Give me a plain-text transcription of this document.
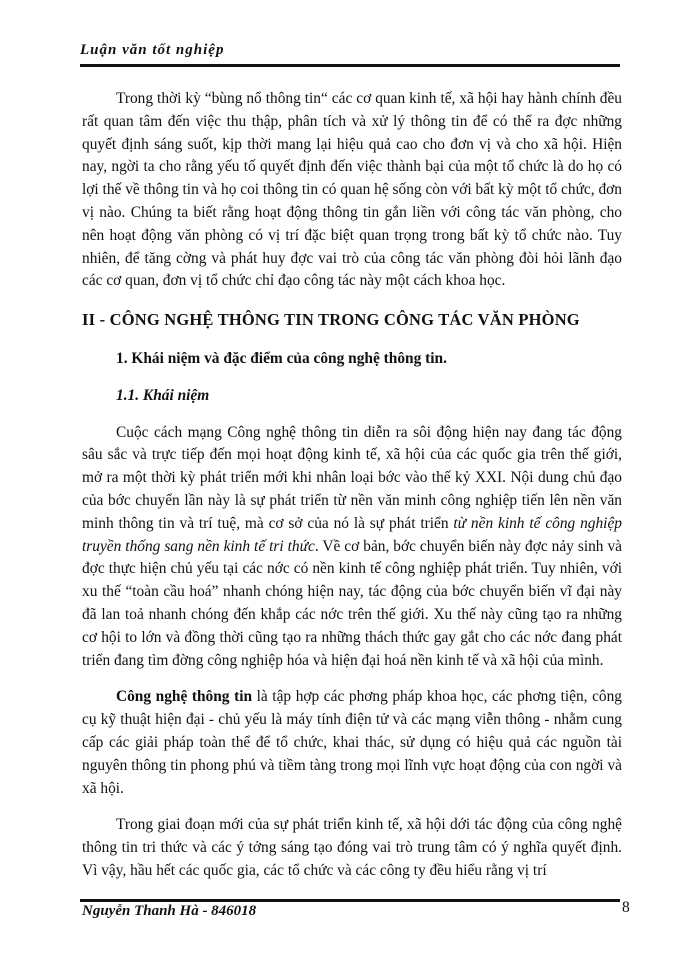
Luận văn tốt nghiệp

Trong thời kỳ “bùng nổ thông tin“ các cơ quan kinh tế, xã hội hay hành chính đều rất quan tâm đến việc thu thập, phân tích và xử lý thông tin để có thể ra đợc những quyết định sáng suốt, kịp thời mang lại hiệu quả cao cho đơn vị và cho xã hội. Hiện nay, ngời ta cho rằng yếu tố quyết định đến việc thành bại của một tổ chức là do họ có lợi thế về thông tin và họ coi thông tin có quan hệ sống còn với bất kỳ một tổ chức, đơn vị nào. Chúng ta biết rằng hoạt động thông tin gắn liền với công tác văn phòng, cho nên hoạt động văn phòng có vị trí đặc biệt quan trọng trong bất kỳ tổ chức nào. Tuy nhiên, để tăng cờng và phát huy đợc vai trò của công tác văn phòng đòi hỏi lãnh đạo các cơ quan, đơn vị tổ chức chỉ đạo công tác này một cách khoa học.

II - CÔNG NGHỆ THÔNG TIN TRONG CÔNG TÁC VĂN PHÒNG
1. Khái niệm và đặc điểm của công nghệ thông tin.
1.1. Khái niệm

Cuộc cách mạng Công nghệ thông tin diễn ra sôi động hiện nay đang tác động sâu sắc và trực tiếp đến mọi hoạt động kinh tế, xã hội của các quốc gia trên thế giới, mở ra một thời kỳ phát triển mới khi nhân loại bớc vào thế kỷ XXI. Nội dung chủ đạo của bớc chuyển lần này là sự phát triển từ nền văn minh công nghiệp tiến lên nền văn minh thông tin và trí tuệ, mà cơ sở của nó là sự phát triển từ nền kinh tế công nghiệp truyền thống sang nền kinh tế tri thức. Về cơ bản, bớc chuyển biến này đợc nảy sinh và đợc thực hiện chủ yếu tại các nớc có nền kinh tế công nghiệp phát triển. Tuy nhiên, với xu thế “toàn cầu hoá” nhanh chóng hiện nay, tác động của bớc chuyển biến vĩ đại này đã lan toả nhanh chóng đến khắp các nớc trên thế giới. Xu thế này cũng tạo ra những cơ hội to lớn và đồng thời cũng tạo ra những thách thức gay gắt cho các nớc đang phát triển đang tìm đờng công nghiệp hóa và hiện đại hoá nền kinh tế và xã hội của mình.

Công nghệ thông tin là tập hợp các phơng pháp khoa học, các phơng tiện, công cụ kỹ thuật hiện đại - chủ yếu là máy tính điện tử và các mạng viễn thông - nhằm cung cấp các giải pháp toàn thể để tổ chức, khai thác, sử dụng có hiệu quả các nguồn tài nguyên thông tin phong phú và tiềm tàng trong mọi lĩnh vực hoạt động của con ngời và xã hội.

Trong giai đoạn mới của sự phát triển kinh tế, xã hội dới tác động của công nghệ thông tin tri thức và các ý tởng sáng tạo đóng vai trò trung tâm có ý nghĩa quyết định. Vì vậy, hầu hết các quốc gia, các tổ chức và các công ty đều hiểu rằng vị trí

Nguyễn Thanh Hà - 846018	8
